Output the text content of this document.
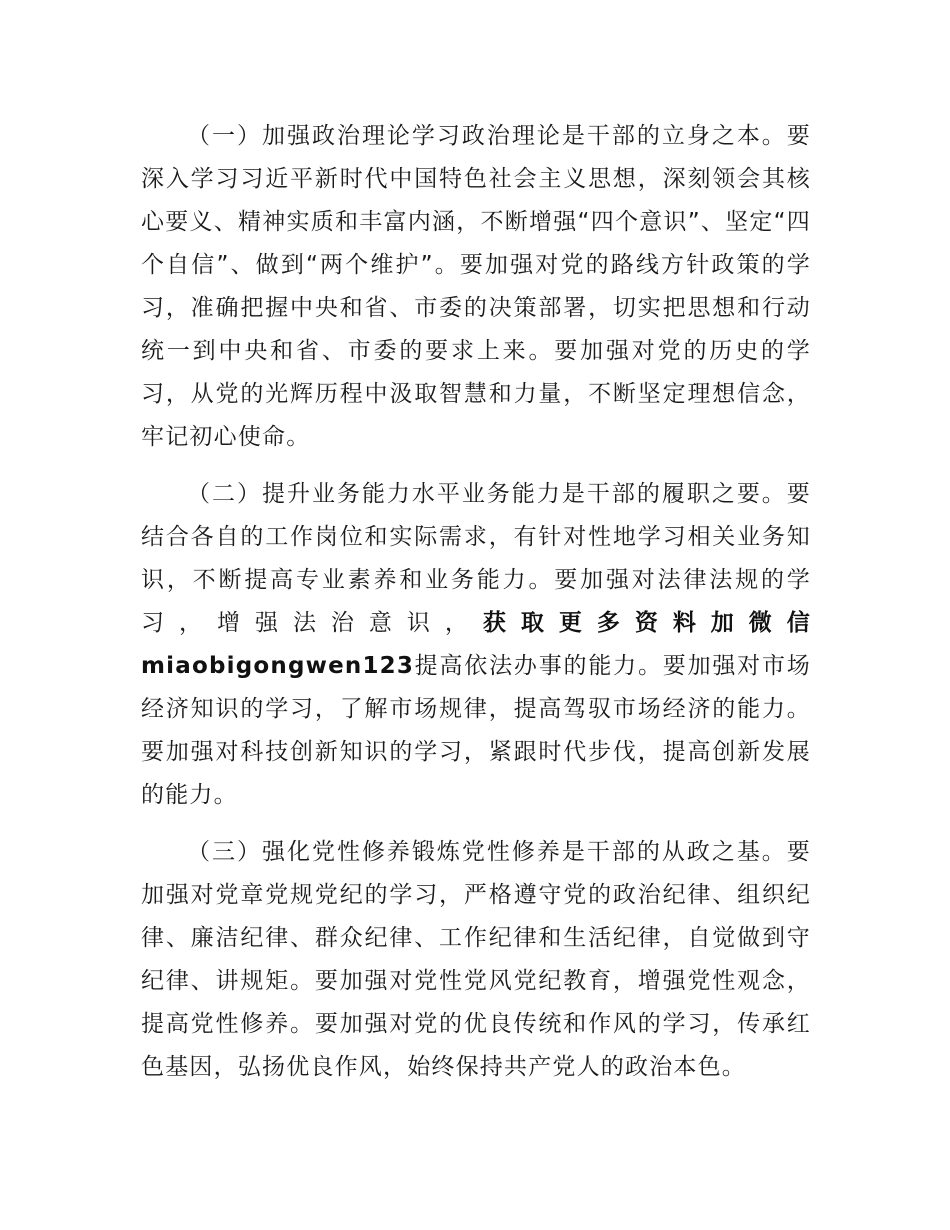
（一）加强政治理论学习政治理论是干部的立身之本。要深入学习习近平新时代中国特色社会主义思想，深刻领会其核心要义、精神实质和丰富内涵，不断增强“四个意识”、坚定“四个自信”、做到“两个维护”。要加强对党的路线方针政策的学习，准确把握中央和省、市委的决策部署，切实把思想和行动统一到中央和省、市委的要求上来。要加强对党的历史的学习，从党的光辉历程中汲取智慧和力量，不断坚定理想信念，牢记初心使命。

（二）提升业务能力水平业务能力是干部的履职之要。要结合各自的工作岗位和实际需求，有针对性地学习相关业务知识，不断提高专业素养和业务能力。要加强对法律法规的学习，增强法治意识，获取更多资料加微信miaobigongwen123提高依法办事的能力。要加强对市场经济知识的学习，了解市场规律，提高驾驭市场经济的能力。要加强对科技创新知识的学习，紧跟时代步伐，提高创新发展的能力。

（三）强化党性修养锻炼党性修养是干部的从政之基。要加强对党章党规党纪的学习，严格遵守党的政治纪律、组织纪律、廉洁纪律、群众纪律、工作纪律和生活纪律，自觉做到守纪律、讲规矩。要加强对党性党风党纪教育，增强党性观念，提高党性修养。要加强对党的优良传统和作风的学习，传承红色基因，弘扬优良作风，始终保持共产党人的政治本色。
